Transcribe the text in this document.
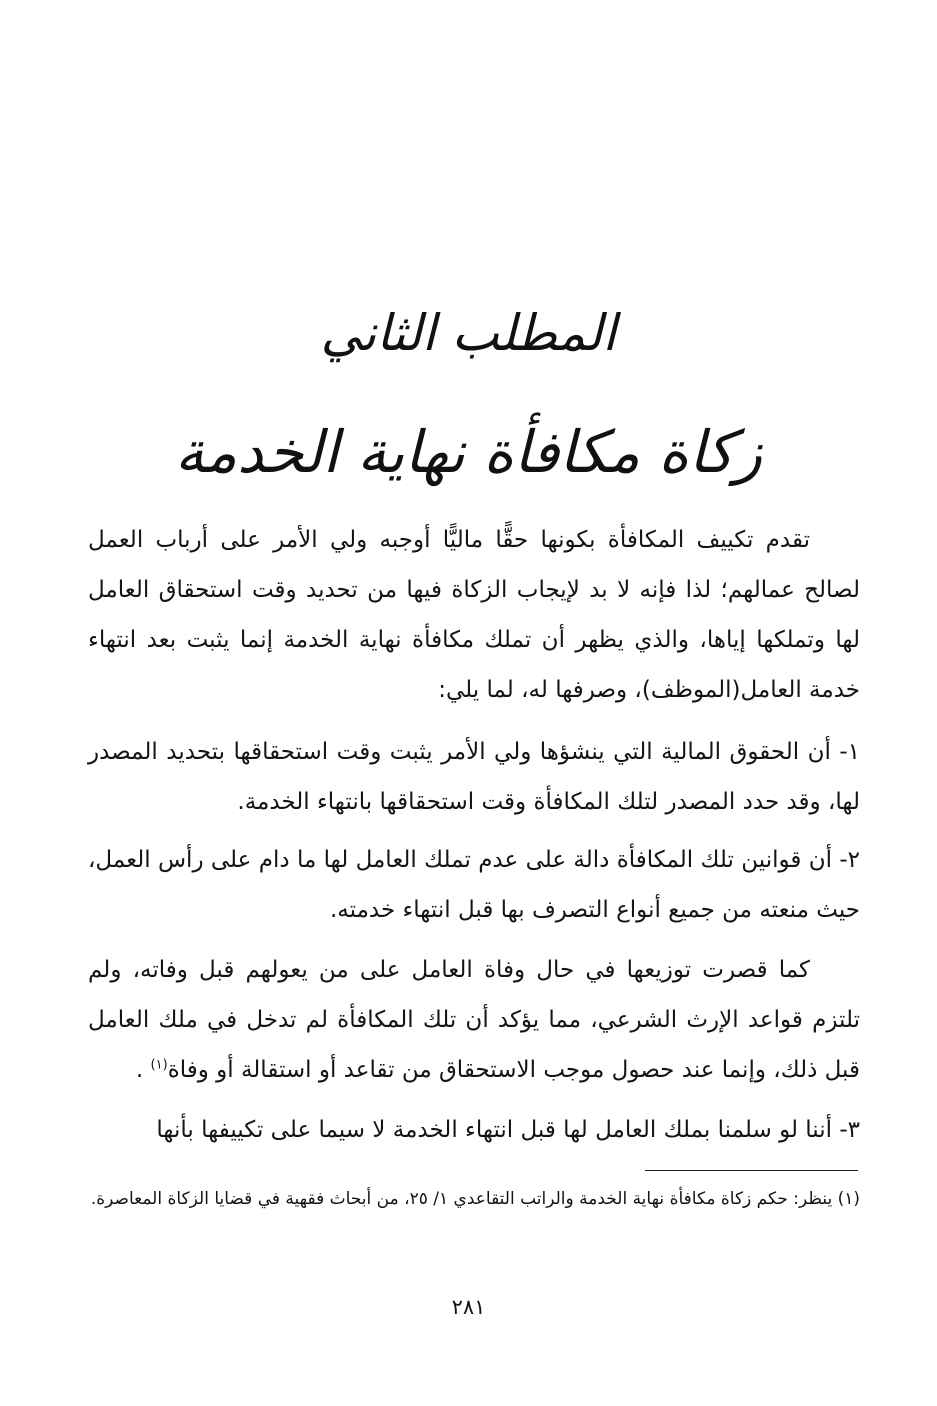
المطلب الثاني
زكاة مكافأة نهاية الخدمة

تقدم تكييف المكافأة بكونها حقًّا ماليًّا أوجبه ولي الأمر على أرباب العمل لصالح عمالهم؛ لذا فإنه لا بد لإيجاب الزكاة فيها من تحديد وقت استحقاق العامل لها وتملكها إياها، والذي يظهر أن تملك مكافأة نهاية الخدمة إنما يثبت بعد انتهاء خدمة العامل(الموظف)، وصرفها له، لما يلي:

١- أن الحقوق المالية التي ينشؤها ولي الأمر يثبت وقت استحقاقها بتحديد المصدر لها، وقد حدد المصدر لتلك المكافأة وقت استحقاقها بانتهاء الخدمة.

٢- أن قوانين تلك المكافأة دالة على عدم تملك العامل لها ما دام على رأس العمل، حيث منعته من جميع أنواع التصرف بها قبل انتهاء خدمته.

كما قصرت توزيعها في حال وفاة العامل على من يعولهم قبل وفاته، ولم تلتزم قواعد الإرث الشرعي، مما يؤكد أن تلك المكافأة لم تدخل في ملك العامل قبل ذلك، وإنما عند حصول موجب الاستحقاق من تقاعد أو استقالة أو وفاة$^{(١)}$ .

٣- أننا لو سلمنا بملك العامل لها قبل انتهاء الخدمة لا سيما على تكييفها بأنها

(١) ينظر: حكم زكاة مكافأة نهاية الخدمة والراتب التقاعدي ١/ ٢٥، من أبحاث فقهية في قضايا الزكاة المعاصرة.

٢٨١
